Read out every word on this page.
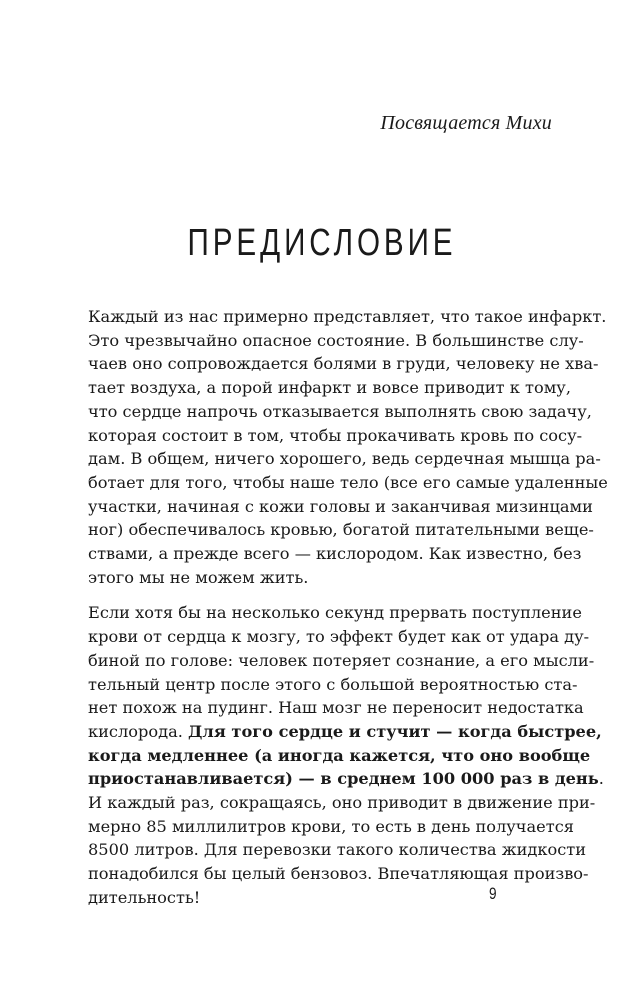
Посвящается Михи
ПРЕДИСЛОВИЕ
Каждый из нас примерно представляет, что такое инфаркт.
Это чрезвычайно опасное состояние. В большинстве слу-
чаев оно сопровождается болями в груди, человеку не хва-
тает воздуха, а порой инфаркт и вовсе приводит к тому,
что сердце напрочь отказывается выполнять свою задачу,
которая состоит в том, чтобы прокачивать кровь по сосу-
дам. В общем, ничего хорошего, ведь сердечная мышца ра-
ботает для того, чтобы наше тело (все его самые удаленные
участки, начиная с кожи головы и заканчивая мизинцами
ног) обеспечивалось кровью, богатой питательными веще-
ствами, а прежде всего — кислородом. Как известно, без
этого мы не можем жить.
Если хотя бы на несколько секунд прервать поступление
крови от сердца к мозгу, то эффект будет как от удара ду-
биной по голове: человек потеряет сознание, а его мысли-
тельный центр после этого с большой вероятностью ста-
нет похож на пудинг. Наш мозг не переносит недостатка
кислорода. Для того сердце и стучит — когда быстрее,
когда медленнее (а иногда кажется, что оно вообще
приостанавливается) — в среднем 100 000 раз в день.
И каждый раз, сокращаясь, оно приводит в движение при-
мерно 85 миллилитров крови, то есть в день получается
8500 литров. Для перевозки такого количества жидкости
понадобился бы целый бензовоз. Впечатляющая произво-
дительность!	9
